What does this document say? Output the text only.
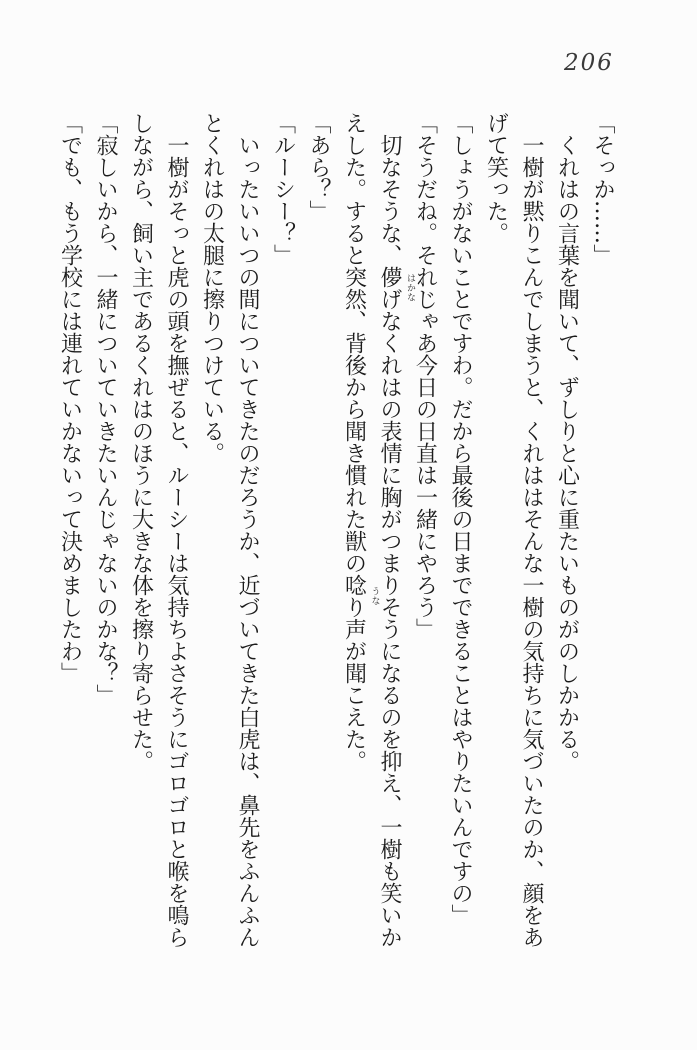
206

「そっか……」

くれはの言葉を聞いて、ずしりと心に重たいものがのしかかる。

一樹が黙りこんでしまうと、くれははそんな一樹の気持ちに気づいたのか、顔をあげて笑った。

「しょうがないことですわ。だから最後の日までできることはやりたいんですの」

「そうだね。それじゃあ今日の日直は一緒にやろう」

切なそうな、儚 はかな
げなくれはの表情に胸がつまりそうになるのを抑え、一樹も笑いかえした。すると突然、背後から聞き慣れた獣の唸 うな
り声が聞こえた。

「あら？」

「ルーシー？」

いったいいつの間についてきたのだろうか、近づいてきた白虎は、鼻先をふんふんとくれはの太腿に擦りつけている。

一樹がそっと虎の頭を撫ぜると、ルーシーは気持ちよさそうにゴロゴロと喉を鳴らしながら、飼い主であるくれはのほうに大きな体を擦り寄らせた。

「寂しいから、一緒についていきたいんじゃないのかな？」

「でも、もう学校には連れていかないって決めましたわ」
